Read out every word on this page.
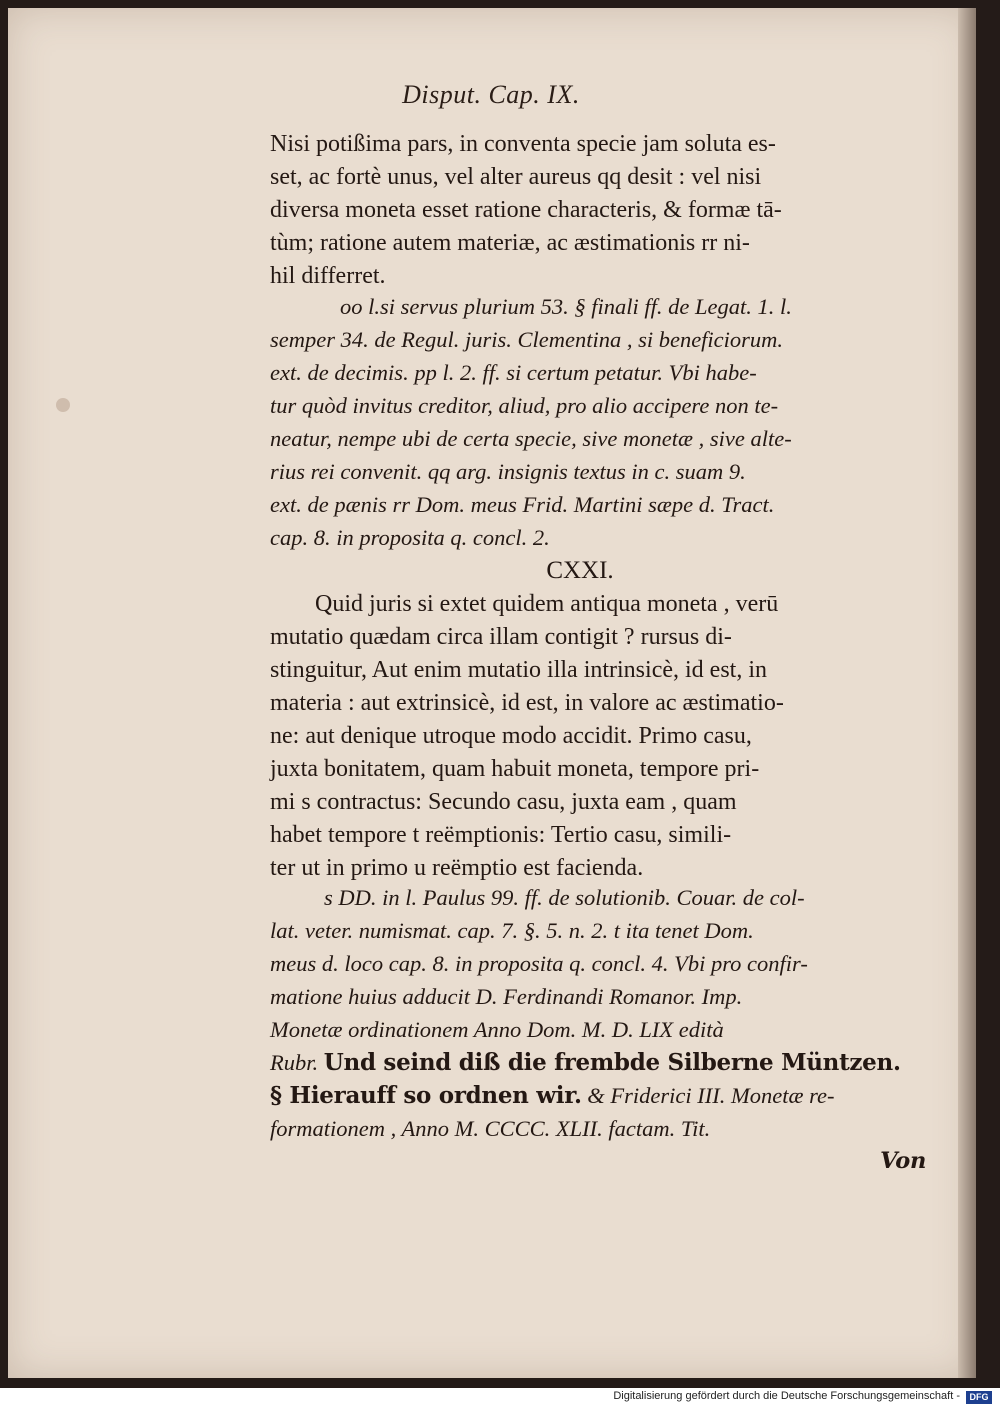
Disput. Cap. IX.
Nisi potißima pars, in conventa specie jam soluta es-
set, ac fortè unus, vel alter aureus qq desit : vel nisi
diversa moneta esset ratione characteris, & formæ tā-
tùm; ratione autem materiæ, ac æstimationis rr ni-
hil differret.
oo l.si servus plurium 53. § finali ff. de Legat. 1. l.
semper 34. de Regul. juris. Clementina , si beneficiorum.
ext. de decimis. pp l. 2. ff. si certum petatur. Vbi habe-
tur quòd invitus creditor, aliud, pro alio accipere non te-
neatur, nempe ubi de certa specie, sive monetæ , sive alte-
rius rei convenit. qq arg. insignis textus in c. suam 9.
ext. de pænis rr Dom. meus Frid. Martini sæpe d. Tract.
cap. 8. in proposita q. concl. 2.
CXXI.
Quid juris si extet quidem antiqua moneta , verū
mutatio quædam circa illam contigit ? rursus di-
stinguitur, Aut enim mutatio illa intrinsicè, id est, in
materia : aut extrinsicè, id est, in valore ac æstimatio-
ne: aut denique utroque modo accidit. Primo casu,
juxta bonitatem, quam habuit moneta, tempore pri-
mi s contractus: Secundo casu, juxta eam , quam
habet tempore t reëmptionis: Tertio casu, simili-
ter ut in primo u reëmptio est facienda.
s DD. in l. Paulus 99. ff. de solutionib. Couar. de col-
lat. veter. numismat. cap. 7. §. 5. n. 2. t ita tenet Dom.
meus d. loco cap. 8. in proposita q. concl. 4. Vbi pro confir-
matione huius adducit D. Ferdinandi Romanor. Imp.
Monetæ ordinationem Anno Dom. M. D. LIX edità
Rubr. Und seind diß die frembde Silberne Müntzen.
§ Hierauff so ordnen wir. & Friderici III. Monetæ re-
formationem , Anno M. CCCC. XLII. factam. Tit.
Von
Digitalisierung gefördert durch die Deutsche Forschungsgemeinschaft -	DFG
